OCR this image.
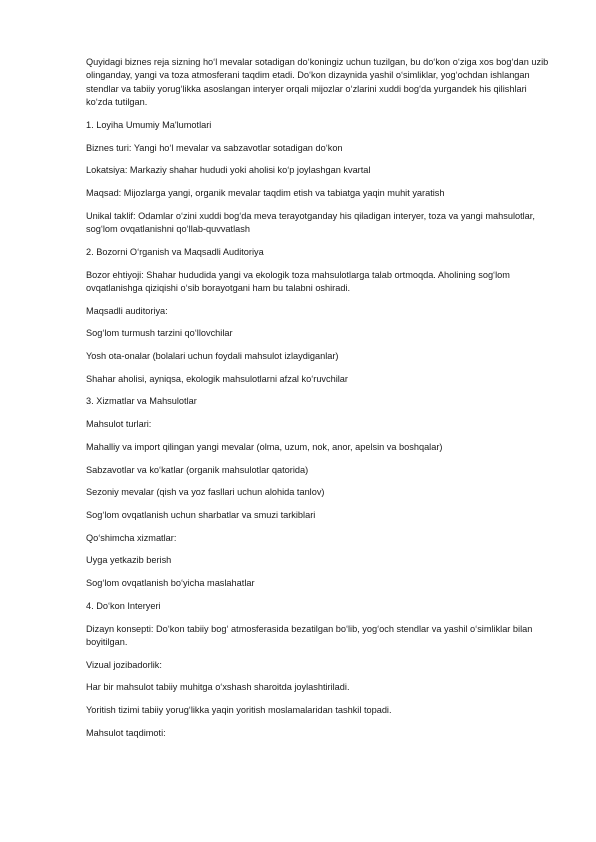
Quyidagi biznes reja sizning ho‘l mevalar sotadigan do‘koningiz uchun tuzilgan, bu do‘kon o‘ziga xos bog‘dan uzib olinganday, yangi va toza atmosferani taqdim etadi. Do‘kon dizaynida yashil o‘simliklar, yog‘ochdan ishlangan stendlar va tabiiy yorug‘likka asoslangan interyer orqali mijozlar o‘zlarini xuddi bog‘da yurgandek his qilishlari ko‘zda tutilgan.

1. Loyiha Umumiy Ma'lumotlari

Biznes turi: Yangi ho‘l mevalar va sabzavotlar sotadigan do‘kon

Lokatsiya: Markaziy shahar hududi yoki aholisi ko‘p joylashgan kvartal

Maqsad: Mijozlarga yangi, organik mevalar taqdim etish va tabiatga yaqin muhit yaratish

Unikal taklif: Odamlar o‘zini xuddi bog‘da meva terayotganday his qiladigan interyer, toza va yangi mahsulotlar, sog‘lom ovqatlanishni qo‘llab-quvvatlash

2. Bozorni O‘rganish va Maqsadli Auditoriya

Bozor ehtiyoji: Shahar hududida yangi va ekologik toza mahsulotlarga talab ortmoqda. Aholining sog‘lom ovqatlanishga qiziqishi o‘sib borayotgani ham bu talabni oshiradi.

Maqsadli auditoriya:

Sog‘lom turmush tarzini qo‘llovchilar

Yosh ota-onalar (bolalari uchun foydali mahsulot izlaydiganlar)

Shahar aholisi, ayniqsa, ekologik mahsulotlarni afzal ko‘ruvchilar

3. Xizmatlar va Mahsulotlar

Mahsulot turlari:

Mahalliy va import qilingan yangi mevalar (olma, uzum, nok, anor, apelsin va boshqalar)

Sabzavotlar va ko‘katlar (organik mahsulotlar qatorida)

Sezoniy mevalar (qish va yoz fasllari uchun alohida tanlov)

Sog‘lom ovqatlanish uchun sharbatlar va smuzi tarkiblari

Qo‘shimcha xizmatlar:

Uyga yetkazib berish

Sog‘lom ovqatlanish bo‘yicha maslahatlar

4. Do‘kon Interyeri

Dizayn konsepti: Do‘kon tabiiy bog‘ atmosferasida bezatilgan bo‘lib, yog‘och stendlar va yashil o‘simliklar bilan boyitilgan.

Vizual jozibadorlik:

Har bir mahsulot tabiiy muhitga o‘xshash sharoitda joylashtiriladi.

Yoritish tizimi tabiiy yorug‘likka yaqin yoritish moslamalaridan tashkil topadi.

Mahsulot taqdimoti:
